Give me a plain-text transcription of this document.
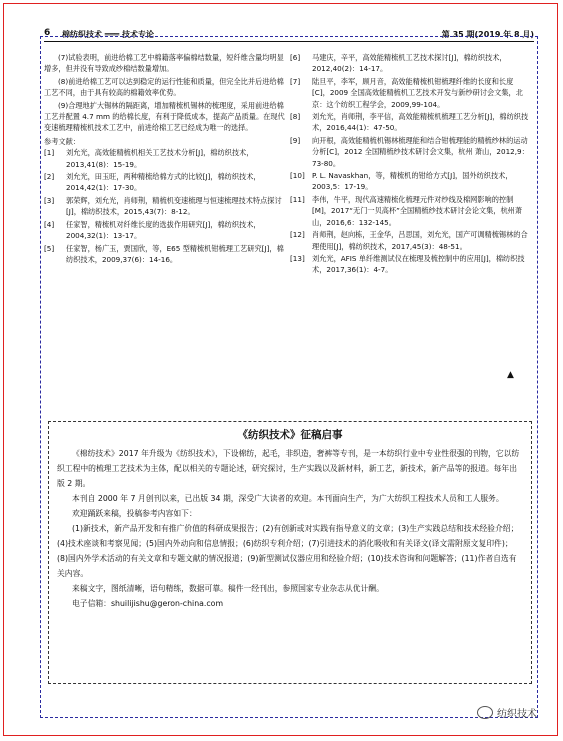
6 棉纺织技术 ═══ 技术专论	第 35 期(2019 年 8 月)

(7)试验表明，前进给棉工艺中棉籍落率偏棉结数量，短纤维含量均明显增多，但并没有导致成纱棉结数量增加。

(8)前进给棉工艺可以达到稳定的运行性能和质量，但完全比并后进给棉工艺不同，由于具有较高的棉籍效率优势。

(9)合理地扩大锡林的隔距离，增加精梳机锡林的梳理度，采用前进给棉工艺并配置 4.7 mm 的给棉长度，有利于降低成本，提高产品质量。在现代变速梳理精梳机技术工艺中，前进给棉工艺已经成为唯一的选择。

参考文献：
[1]	刘允光，高效能精梳机相关工艺技术分析[J]，棉纺织技术，2013,41(8)：15-19。
[2]	刘允光，田玉旺，两种精梳给棉方式的比较[J]，棉纺织技术，2014,42(1)：17-30。
[3]	郭荣辉，刘允光，肖师荆，精梳机变速梳理与恒速梳理技术特点探讨[J]，棉纺织技术，2015,43(7)：8-12。
[4]	任家智，精梳机对纤维长度的选拔作用研究[J]，棉纺织技术，2004,32(1)：13-17。
[5]	任家智，杨广玉，贾国欣，等，E65 型精梳机钳梳理工艺研究[J]，棉纺织技术，2009,37(6)：14-16。
[6]	马建庆，辛平，高效能精梳机工艺技术探讨[J]，棉纺织技术，2012,40(2)：14-17。
[7]	陆旦平，李军，顾月音，高效能精梳机钳梳理纤维的长度和长度[C]，2009 全国高效能精梳机工艺技术开发与新纱研讨会文集，北京：这个纺织工程学会，2009,99-104。
[8]	刘允光，肖师荆，李平信，高效能精梳机梳理工艺分析[J]，棉纺织技术，2016,44(1)：47-50。
[9]	向开根，高效能精梳机锡林梳理能和结合钳梳理能的精梳纱林的运动分析[C]，2012 全国精梳纱技术研讨会文集，杭州 萧山，2012,9：73-80。
[10]	P. L. Navaskhan，等，精梳机的钳给方式[J]，国外纺织技术，2003,5：17-19。
[11]	李伟，牛平，现代高速精梳化梳理元件对纱线及棉网影响的控制[M]，2017“无门一贝高杯”全国精梳纱技术研讨会论文集，杭州萧山，2016,6：132-145。
[12]	肖师荆，赵向栋，王金华，吕思国，刘允光，国产可调精梳锡林的合理使用[J]，棉纺织技术，2017,45(3)：48-51。
[13]	刘允光，AFIS 单纤维测试仪在梳理及梳控制中的应用[J]，棉纺织技术，2017,36(1)：4-7。
▲
《纺织技术》征稿启事

《棉纺技术》2017 年升级为《纺织技术》，下设棉纺，起毛，非织造，奢裤等专刊，是一本纺织行业中专业性很强的刊物，它以纺织工程中的梳理工艺技术为主体，配以相关的专题论述，研究探讨，生产实践以及新材料，新工艺，新技术，新产品等的报道。每年出版 2 期。

本刊自 2000 年 7 月创刊以来，已出版 34 期，深受广大读者的欢迎。本刊面向生产，为广大纺织工程技术人员和工人服务。

欢迎踊跃来稿，投稿参考内容如下：

(1)新技术，新产品开发和有推广价值的科研成果报告；(2)有创新或对实践有指导意义的文章；(3)生产实践总结和技术经验介绍；(4)技术座谈和考察见闻；(5)国内外动向和信息情报；(6)纺织专利介绍；(7)引进技术的消化吸收和有关译文(译文需附原文复印件)；(8)国内外学术活动的有关文章和专题文献的情况报道；(9)新型测试仪器应用和经验介绍；(10)技术咨询和问题解答；(11)作者自选有关内容。

来稿文字，图纸清晰，语句精练，数据可靠。稿件一经刊出，参照国家专业杂志从优计酬。

电子信箱：shuilijishu@geron-china.com

纺织技术
